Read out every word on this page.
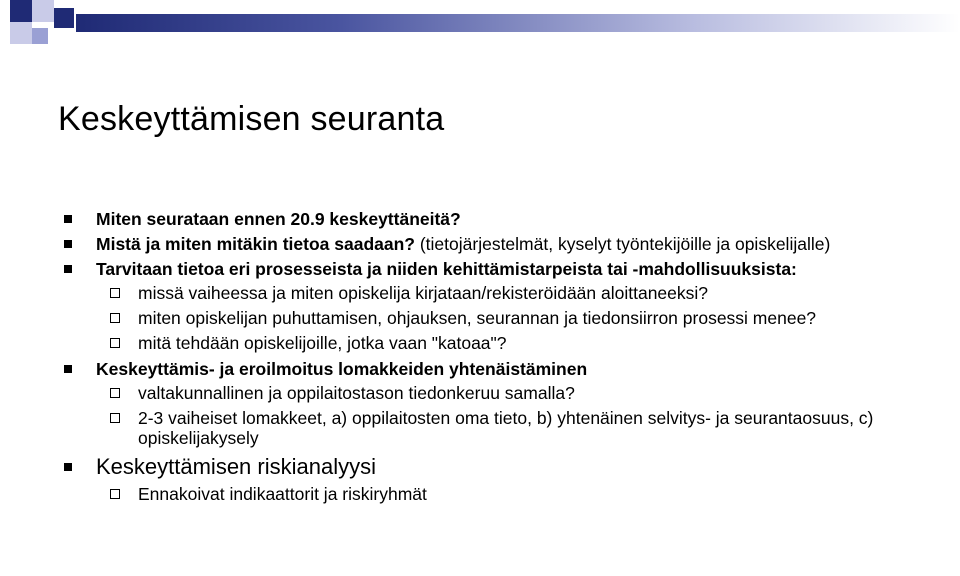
Keskeyttämisen seuranta
Miten seurataan ennen 20.9 keskeyttäneitä?
Mistä ja miten mitäkin tietoa saadaan? (tietojärjestelmät, kyselyt työntekijöille ja opiskelijalle)
Tarvitaan tietoa eri prosesseista ja niiden kehittämistarpeista tai -mahdollisuuksista:
missä vaiheessa ja miten opiskelija kirjataan/rekisteröidään aloittaneeksi?
miten opiskelijan puhuttamisen, ohjauksen, seurannan ja tiedonsiirron prosessi menee?
mitä tehdään opiskelijoille, jotka vaan "katoaa"?
Keskeyttämis- ja eroilmoitus lomakkeiden yhtenäistäminen
valtakunnallinen ja oppilaitostason tiedonkeruu samalla?
2-3 vaiheiset lomakkeet, a) oppilaitosten oma tieto, b) yhtenäinen selvitys- ja seurantaosuus, c) opiskelijakysely
Keskeyttämisen riskianalyysi
Ennakoivat indikaattorit ja riskiryhmät
